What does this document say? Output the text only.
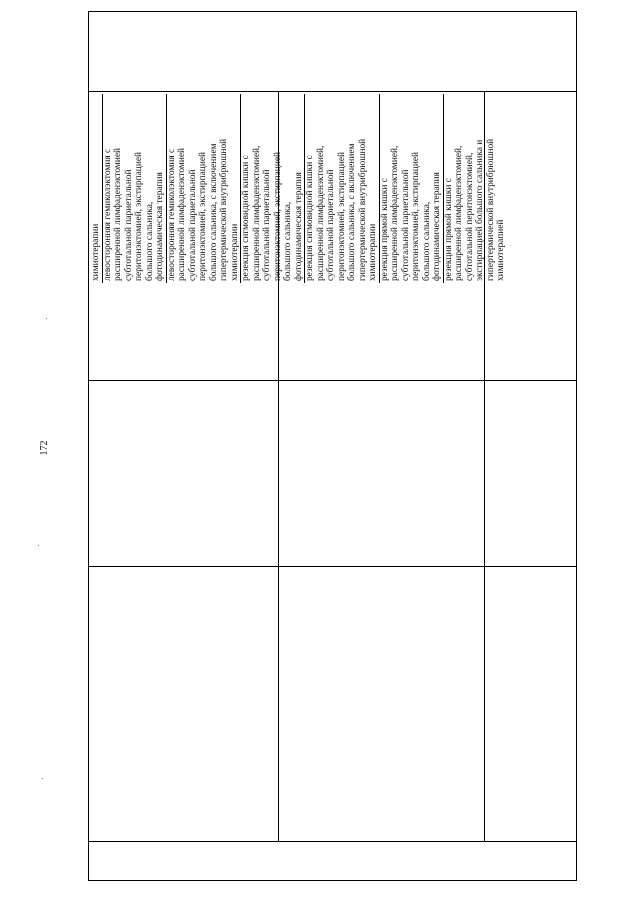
172
химиотерапии левосторонняя гемиколэктомия с расширенной лимфаденэктомией субтотальной париетальной перитонэктомией, экстирпацией большого сальника, фотодинамическая терапия левосторонняя гемиколэктомия с расширенной лимфаденэктомией субтотальной париетальной перитонэктомией, экстирпацией большого сальника, с включением гипертермической внутрибрюшной химиотерапии резекция сигмовидной кишки с расширенной лимфаденэктомией, субтотальной париетальной перитонэктомией, экстирпацией большого сальника, фотодинамическая терапия резекция сигмовидной кишки с расширенной лимфаденэктомией, субтотальной париетальной перитонэктомией, экстирпацией большого сальника, с включением гипертермической внутрибрюшной химиотерапии резекция прямой кишки с расширенной лимфаденэктомией, субтотальной париетальной перитонэктомией, экстирпацией большого сальника, фотодинамическая терапия резекция прямой кишки с расширенной лимфаденэктомией, субтотальной перитонэктомией, экстирпацией большого сальника и гипертермической внутрибрюшной химиотерапией
